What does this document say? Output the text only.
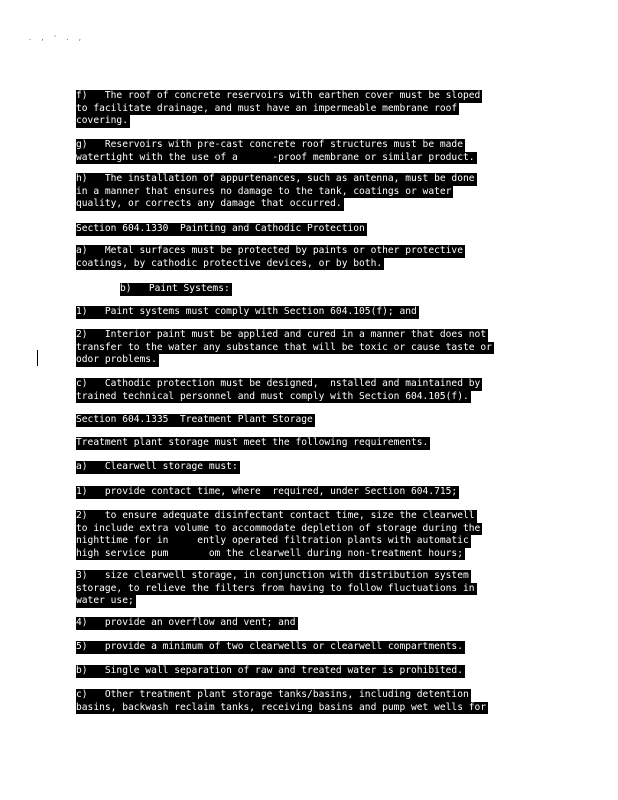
. , ' . ,
f)   The roof of concrete reservoirs with earthen cover must be sloped
to facilitate drainage, and must have an impermeable membrane roof
covering.
g)   Reservoirs with pre-cast concrete roof structures must be made
watertight with the use of a      -proof membrane or similar product.
h)   The installation of appurtenances, such as antenna, must be done
in a manner that ensures no damage to the tank, coatings or water
quality, or corrects any damage that occurred.
Section 604.1330  Painting and Cathodic Protection
a)   Metal surfaces must be protected by paints or other protective
coatings, by cathodic protective devices, or by both.
b)   Paint Systems:
1)   Paint systems must comply with Section 604.105(f); and
2)   Interior paint must be applied and cured in a manner that does not
transfer to the water any substance that will be toxic or cause taste or
odor problems.
c)   Cathodic protection must be designed,  nstalled and maintained by
trained technical personnel and must comply with Section 604.105(f).
Section 604.1335  Treatment Plant Storage
Treatment plant storage must meet the following requirements.
a)   Clearwell storage must:
1)   provide contact time, where  required, under Section 604.715;
2)   to ensure adequate disinfectant contact time, size the clearwell
to include extra volume to accommodate depletion of storage during the
nighttime for in     ently operated filtration plants with automatic
high service pum       om the clearwell during non-treatment hours;
3)   size clearwell storage, in conjunction with distribution system
storage, to relieve the filters from having to follow fluctuations in
water use;
4)   provide an overflow and vent; and
5)   provide a minimum of two clearwells or clearwell compartments.
b)   Single wall separation of raw and treated water is prohibited.
c)   Other treatment plant storage tanks/basins, including detention
basins, backwash reclaim tanks, receiving basins and pump wet wells for
